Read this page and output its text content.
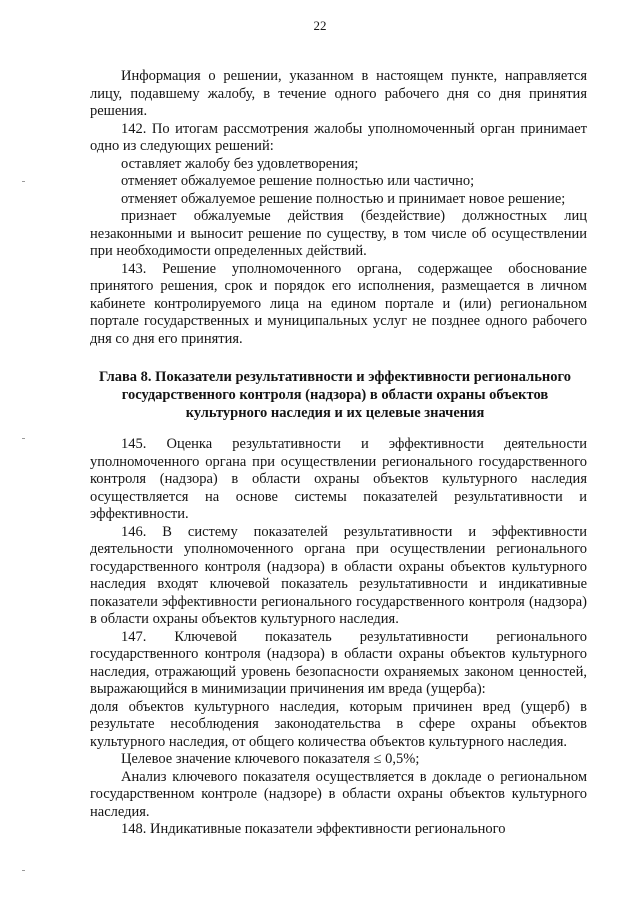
22

Информация о решении, указанном в настоящем пункте, направляется лицу, подавшему жалобу, в течение одного рабочего дня со дня принятия решения.

142. По итогам рассмотрения жалобы уполномоченный орган принимает одно из следующих решений:

оставляет жалобу без удовлетворения;

отменяет обжалуемое решение полностью или частично;

отменяет обжалуемое решение полностью и принимает новое решение;

признает обжалуемые действия (бездействие) должностных лиц незаконными и выносит решение по существу, в том числе об осуществлении при необходимости определенных действий.

143. Решение уполномоченного органа, содержащее обоснование принятого решения, срок и порядок его исполнения, размещается в личном кабинете контролируемого лица на едином портале и (или) региональном портале государственных и муниципальных услуг не позднее одного рабочего дня со дня его принятия.

Глава 8. Показатели результативности и эффективности регионального
государственного контроля (надзора) в области охраны объектов
культурного наследия и их целевые значения

145. Оценка результативности и эффективности деятельности уполномоченного органа при осуществлении регионального государственного контроля (надзора) в области охраны объектов культурного наследия осуществляется на основе системы показателей результативности и эффективности.

146. В систему показателей результативности и эффективности деятельности уполномоченного органа при осуществлении регионального государственного контроля (надзора) в области охраны объектов культурного наследия входят ключевой показатель результативности и индикативные показатели эффективности регионального государственного контроля (надзора) в области охраны объектов культурного наследия.

147. Ключевой показатель результативности регионального государственного контроля (надзора) в области охраны объектов культурного наследия, отражающий уровень безопасности охраняемых законом ценностей, выражающийся в минимизации причинения им вреда (ущерба):

доля объектов культурного наследия, которым причинен вред (ущерб) в результате несоблюдения законодательства в сфере охраны объектов культурного наследия, от общего количества объектов культурного наследия.

Целевое значение ключевого показателя ≤ 0,5%;

Анализ ключевого показателя осуществляется в докладе о региональном государственном контроле (надзоре) в области охраны объектов культурного наследия.

148. Индикативные показатели эффективности регионального
